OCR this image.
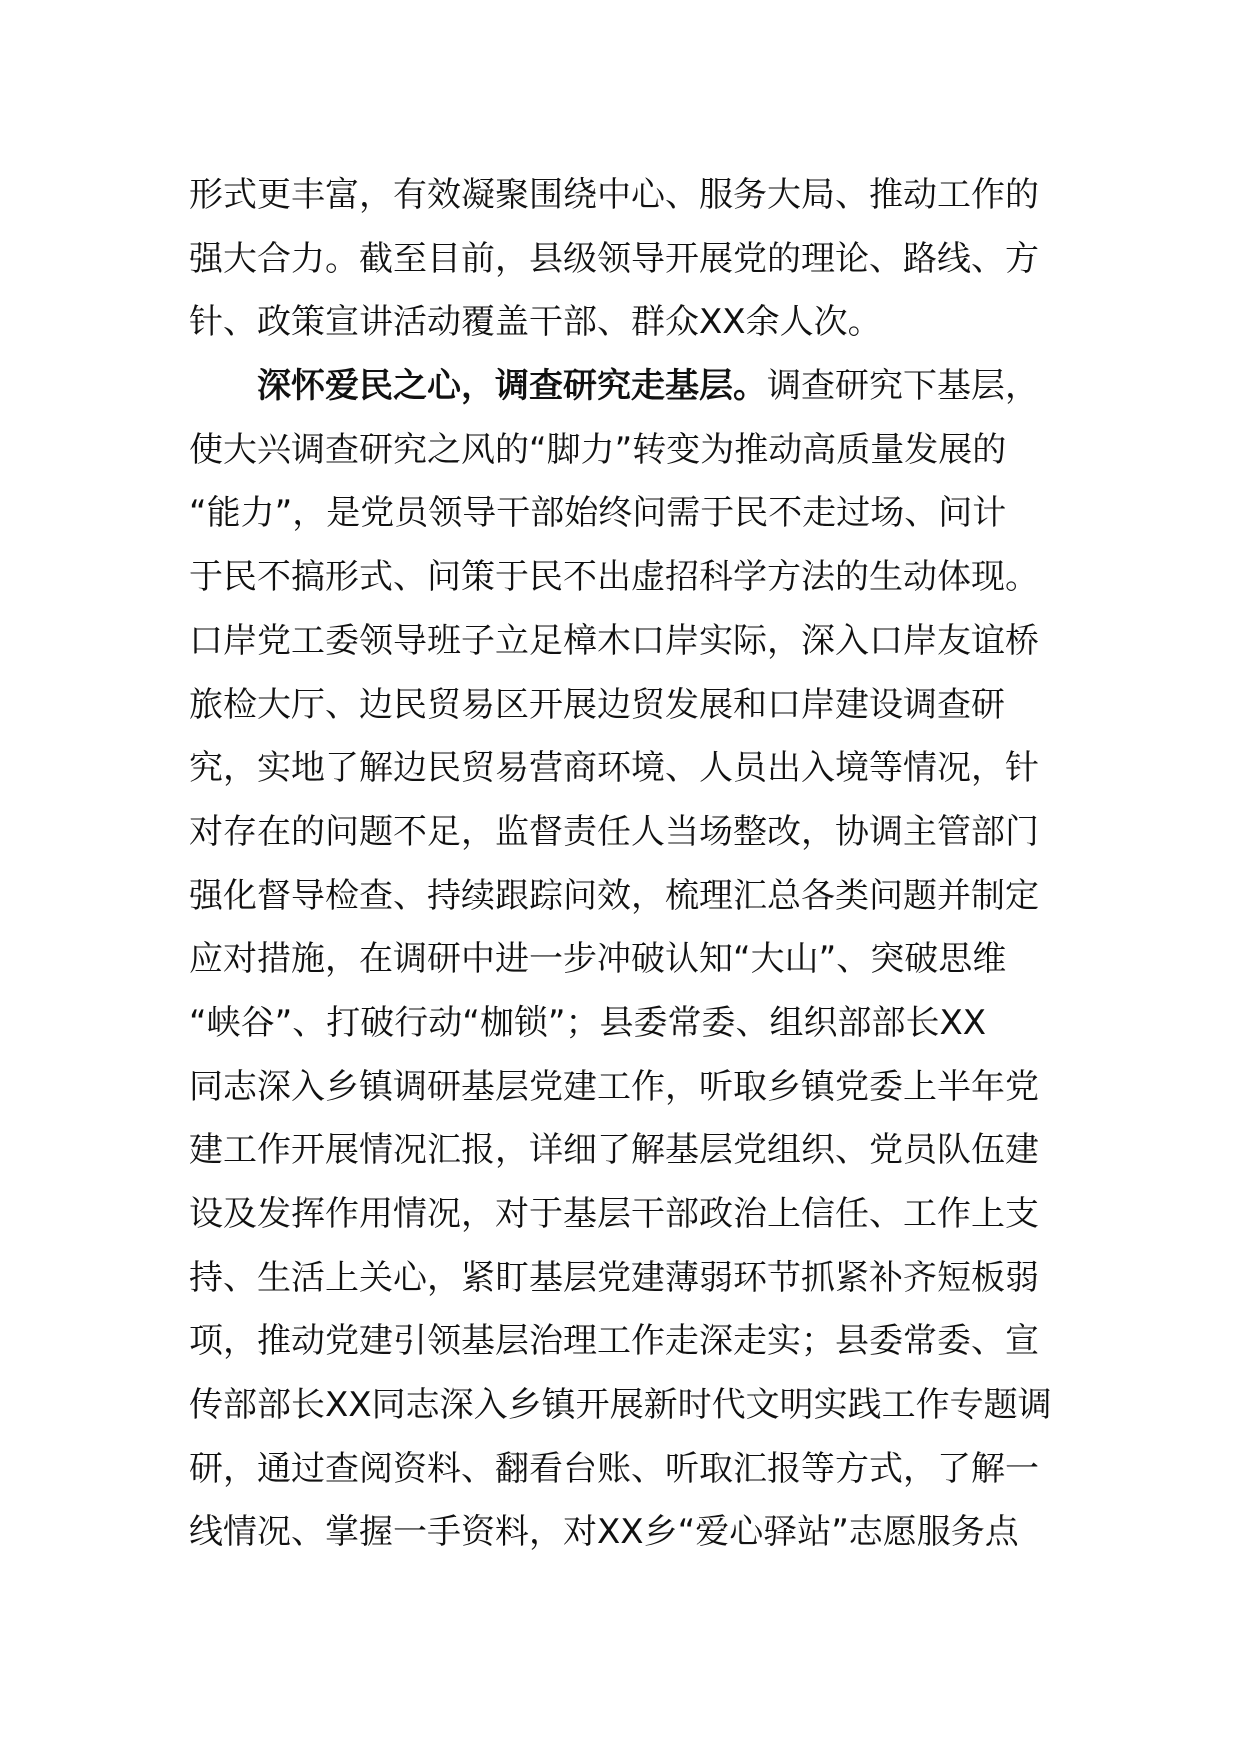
形式更丰富，有效凝聚围绕中心、服务大局、推动工作的
强大合力。截至目前，县级领导开展党的理论、路线、方
针、政策宣讲活动覆盖干部、群众XX余人次。
深怀爱民之心，调查研究走基层。调查研究下基层，
使大兴调查研究之风的“脚力”转变为推动高质量发展的
“能力”，是党员领导干部始终问需于民不走过场、问计
于民不搞形式、问策于民不出虚招科学方法的生动体现。
口岸党工委领导班子立足樟木口岸实际，深入口岸友谊桥
旅检大厅、边民贸易区开展边贸发展和口岸建设调查研
究，实地了解边民贸易营商环境、人员出入境等情况，针
对存在的问题不足，监督责任人当场整改，协调主管部门
强化督导检查、持续跟踪问效，梳理汇总各类问题并制定
应对措施，在调研中进一步冲破认知“大山”、突破思维
“峡谷”、打破行动“枷锁”；县委常委、组织部部长XX
同志深入乡镇调研基层党建工作，听取乡镇党委上半年党
建工作开展情况汇报，详细了解基层党组织、党员队伍建
设及发挥作用情况，对于基层干部政治上信任、工作上支
持、生活上关心，紧盯基层党建薄弱环节抓紧补齐短板弱
项，推动党建引领基层治理工作走深走实；县委常委、宣
传部部长XX同志深入乡镇开展新时代文明实践工作专题调
研，通过查阅资料、翻看台账、听取汇报等方式，了解一
线情况、掌握一手资料，对XX乡“爱心驿站”志愿服务点
